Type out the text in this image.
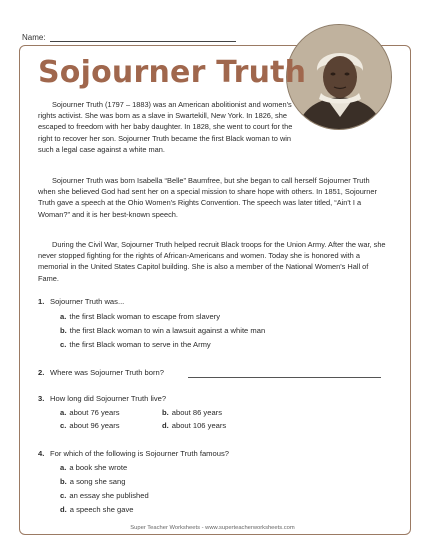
Name:
Sojourner Truth

Sojourner Truth (1797 – 1883) was an American abolitionist and women's rights activist. She was born as a slave in Swartekill, New York. In 1826, she escaped to freedom with her baby daughter. In 1828, she went to court for the right to recover her son. Sojourner Truth became the first Black woman to win such a legal case against a white man.

Sojourner Truth was born Isabella “Belle” Baumfree, but she began to call herself Sojourner Truth when she believed God had sent her on a special mission to share hope with others. In 1851, Sojourner Truth gave a speech at the Ohio Women's Rights Convention. The speech was later titled, “Ain't I a Woman?” and it is her best-known speech.

During the Civil War, Sojourner Truth helped recruit Black troops for the Union Army. After the war, she never stopped fighting for the rights of African-Americans and women. Today she is honored with a memorial in the United States Capitol building. She is also a member of the National Women's Hall of Fame.

1. Sojourner Truth was...
a. the first Black woman to escape from slavery
b. the first Black woman to win a lawsuit against a white man
c. the first Black woman to serve in the Army
2. Where was Sojourner Truth born?
3. How long did Sojourner Truth live?
a. about 76 years	b. about 86 years
c. about 96 years	d. about 106 years
4. For which of the following is Sojourner Truth famous?
a. a book she wrote
b. a song she sang
c. an essay she published
d. a speech she gave
Super Teacher Worksheets - www.superteacherworksheets.com
